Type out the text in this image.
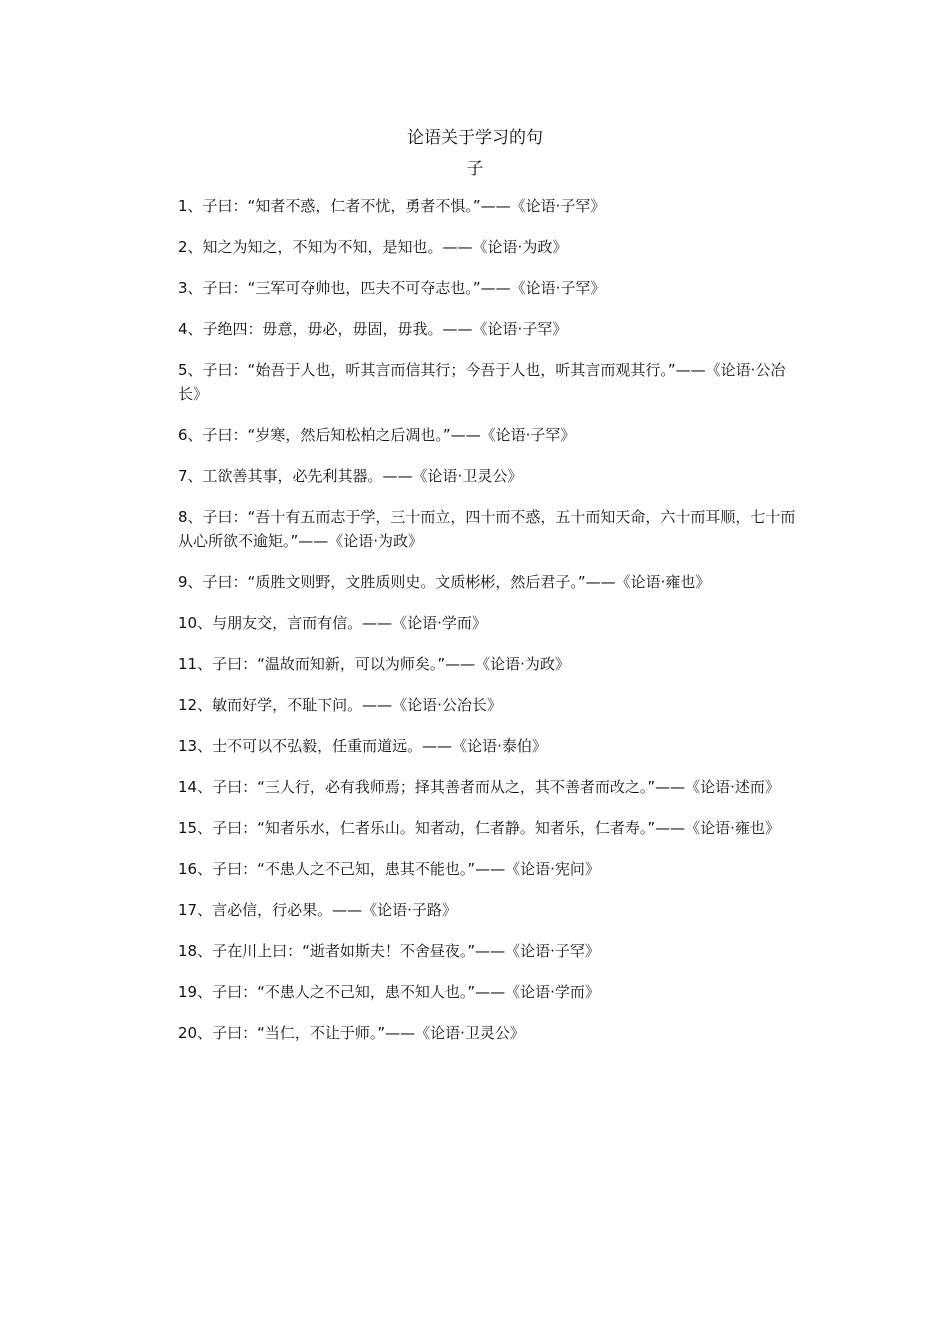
论语关于学习的句
子
1、子曰：“知者不惑，仁者不忧，勇者不惧。”——《论语·子罕》
2、知之为知之，不知为不知，是知也。——《论语·为政》
3、子曰：“三军可夺帅也，匹夫不可夺志也。”——《论语·子罕》
4、子绝四：毋意，毋必，毋固，毋我。——《论语·子罕》
5、子曰：“始吾于人也，听其言而信其行；今吾于人也，听其言而观其行。”——《论语·公冶长》
6、子曰：“岁寒，然后知松柏之后凋也。”——《论语·子罕》
7、工欲善其事，必先利其器。——《论语·卫灵公》
8、子曰：“吾十有五而志于学，三十而立，四十而不惑，五十而知天命，六十而耳顺，七十而从心所欲不逾矩。”——《论语·为政》
9、子曰：“质胜文则野，文胜质则史。文质彬彬，然后君子。”——《论语·雍也》
10、与朋友交，言而有信。——《论语·学而》
11、子曰：“温故而知新，可以为师矣。”——《论语·为政》
12、敏而好学，不耻下问。——《论语·公冶长》
13、士不可以不弘毅，任重而道远。——《论语·泰伯》
14、子曰：“三人行，必有我师焉；择其善者而从之，其不善者而改之。”——《论语·述而》
15、子曰：“知者乐水，仁者乐山。知者动，仁者静。知者乐，仁者寿。”——《论语·雍也》
16、子曰：“不患人之不己知，患其不能也。”——《论语·宪问》
17、言必信，行必果。——《论语·子路》
18、子在川上曰：“逝者如斯夫！不舍昼夜。”——《论语·子罕》
19、子曰：“不患人之不己知，患不知人也。”——《论语·学而》
20、子曰：“当仁，不让于师。”——《论语·卫灵公》
